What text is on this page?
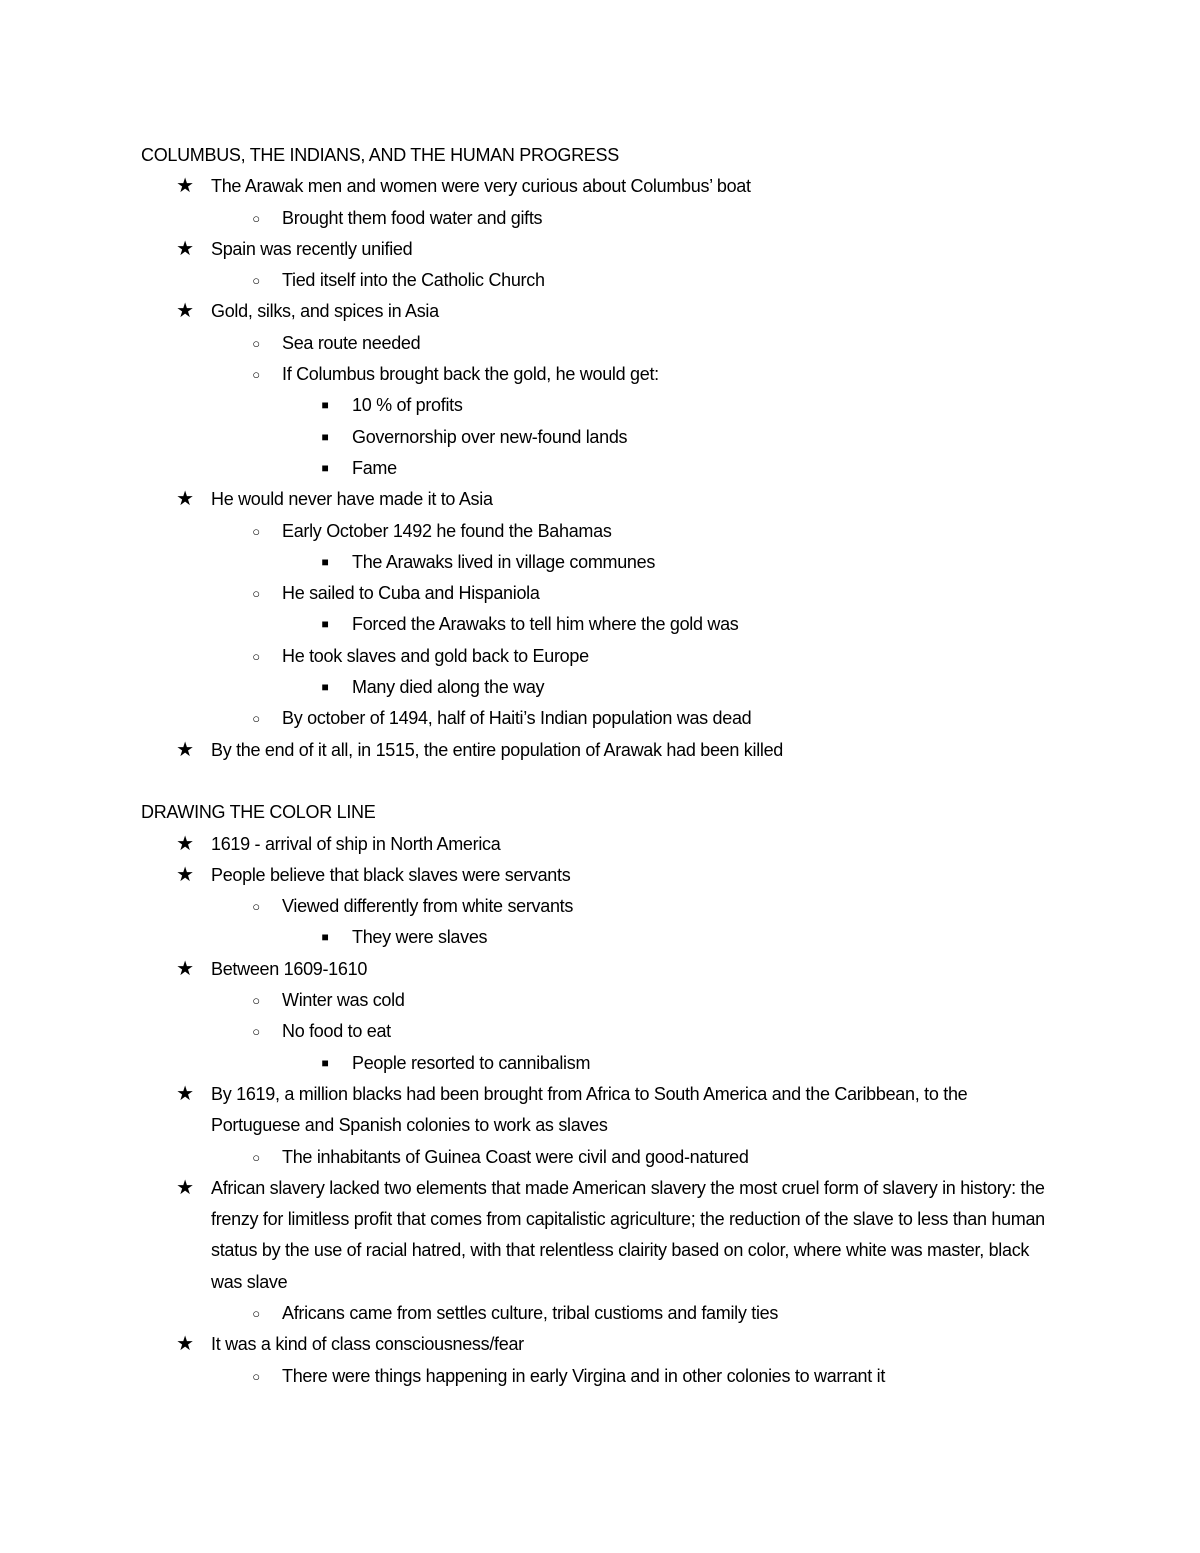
COLUMBUS, THE INDIANS, AND THE HUMAN PROGRESS
★ The Arawak men and women were very curious about Columbus’ boat
○	Brought them food water and gifts
★ Spain was recently unified
○	Tied itself into the Catholic Church
★ Gold, silks, and spices in Asia
○	Sea route needed
○	If Columbus brought back the gold, he would get:
■	10 % of profits
■	Governorship over new-found lands
■	Fame
★ He would never have made it to Asia
○	Early October 1492 he found the Bahamas
■	The Arawaks lived in village communes
○	He sailed to Cuba and Hispaniola
■	Forced the Arawaks to tell him where the gold was
○	He took slaves and gold back to Europe
■	Many died along the way
○	By october of 1494, half of Haiti’s Indian population was dead
★ By the end of it all, in 1515, the entire population of Arawak had been killed
DRAWING THE COLOR LINE
★ 1619 - arrival of ship in North America
★ People believe that black slaves were servants
○	Viewed differently from white servants
■	They were slaves
★ Between 1609-1610
○	Winter was cold
○	No food to eat
■	People resorted to cannibalism
★ By 1619, a million blacks had been brought from Africa to South America and the Caribbean, to the Portuguese and Spanish colonies to work as slaves
○	The inhabitants of Guinea Coast were civil and good-natured
★ African slavery lacked two elements that made American slavery the most cruel form of slavery in history: the frenzy for limitless profit that comes from capitalistic agriculture; the reduction of the slave to less than human status by the use of racial hatred, with that relentless clairity based on color, where white was master, black was slave
○	Africans came from settles culture, tribal custioms and family ties
★ It was a kind of class consciousness/fear
○	There were things happening in early Virgina and in other colonies to warrant it
